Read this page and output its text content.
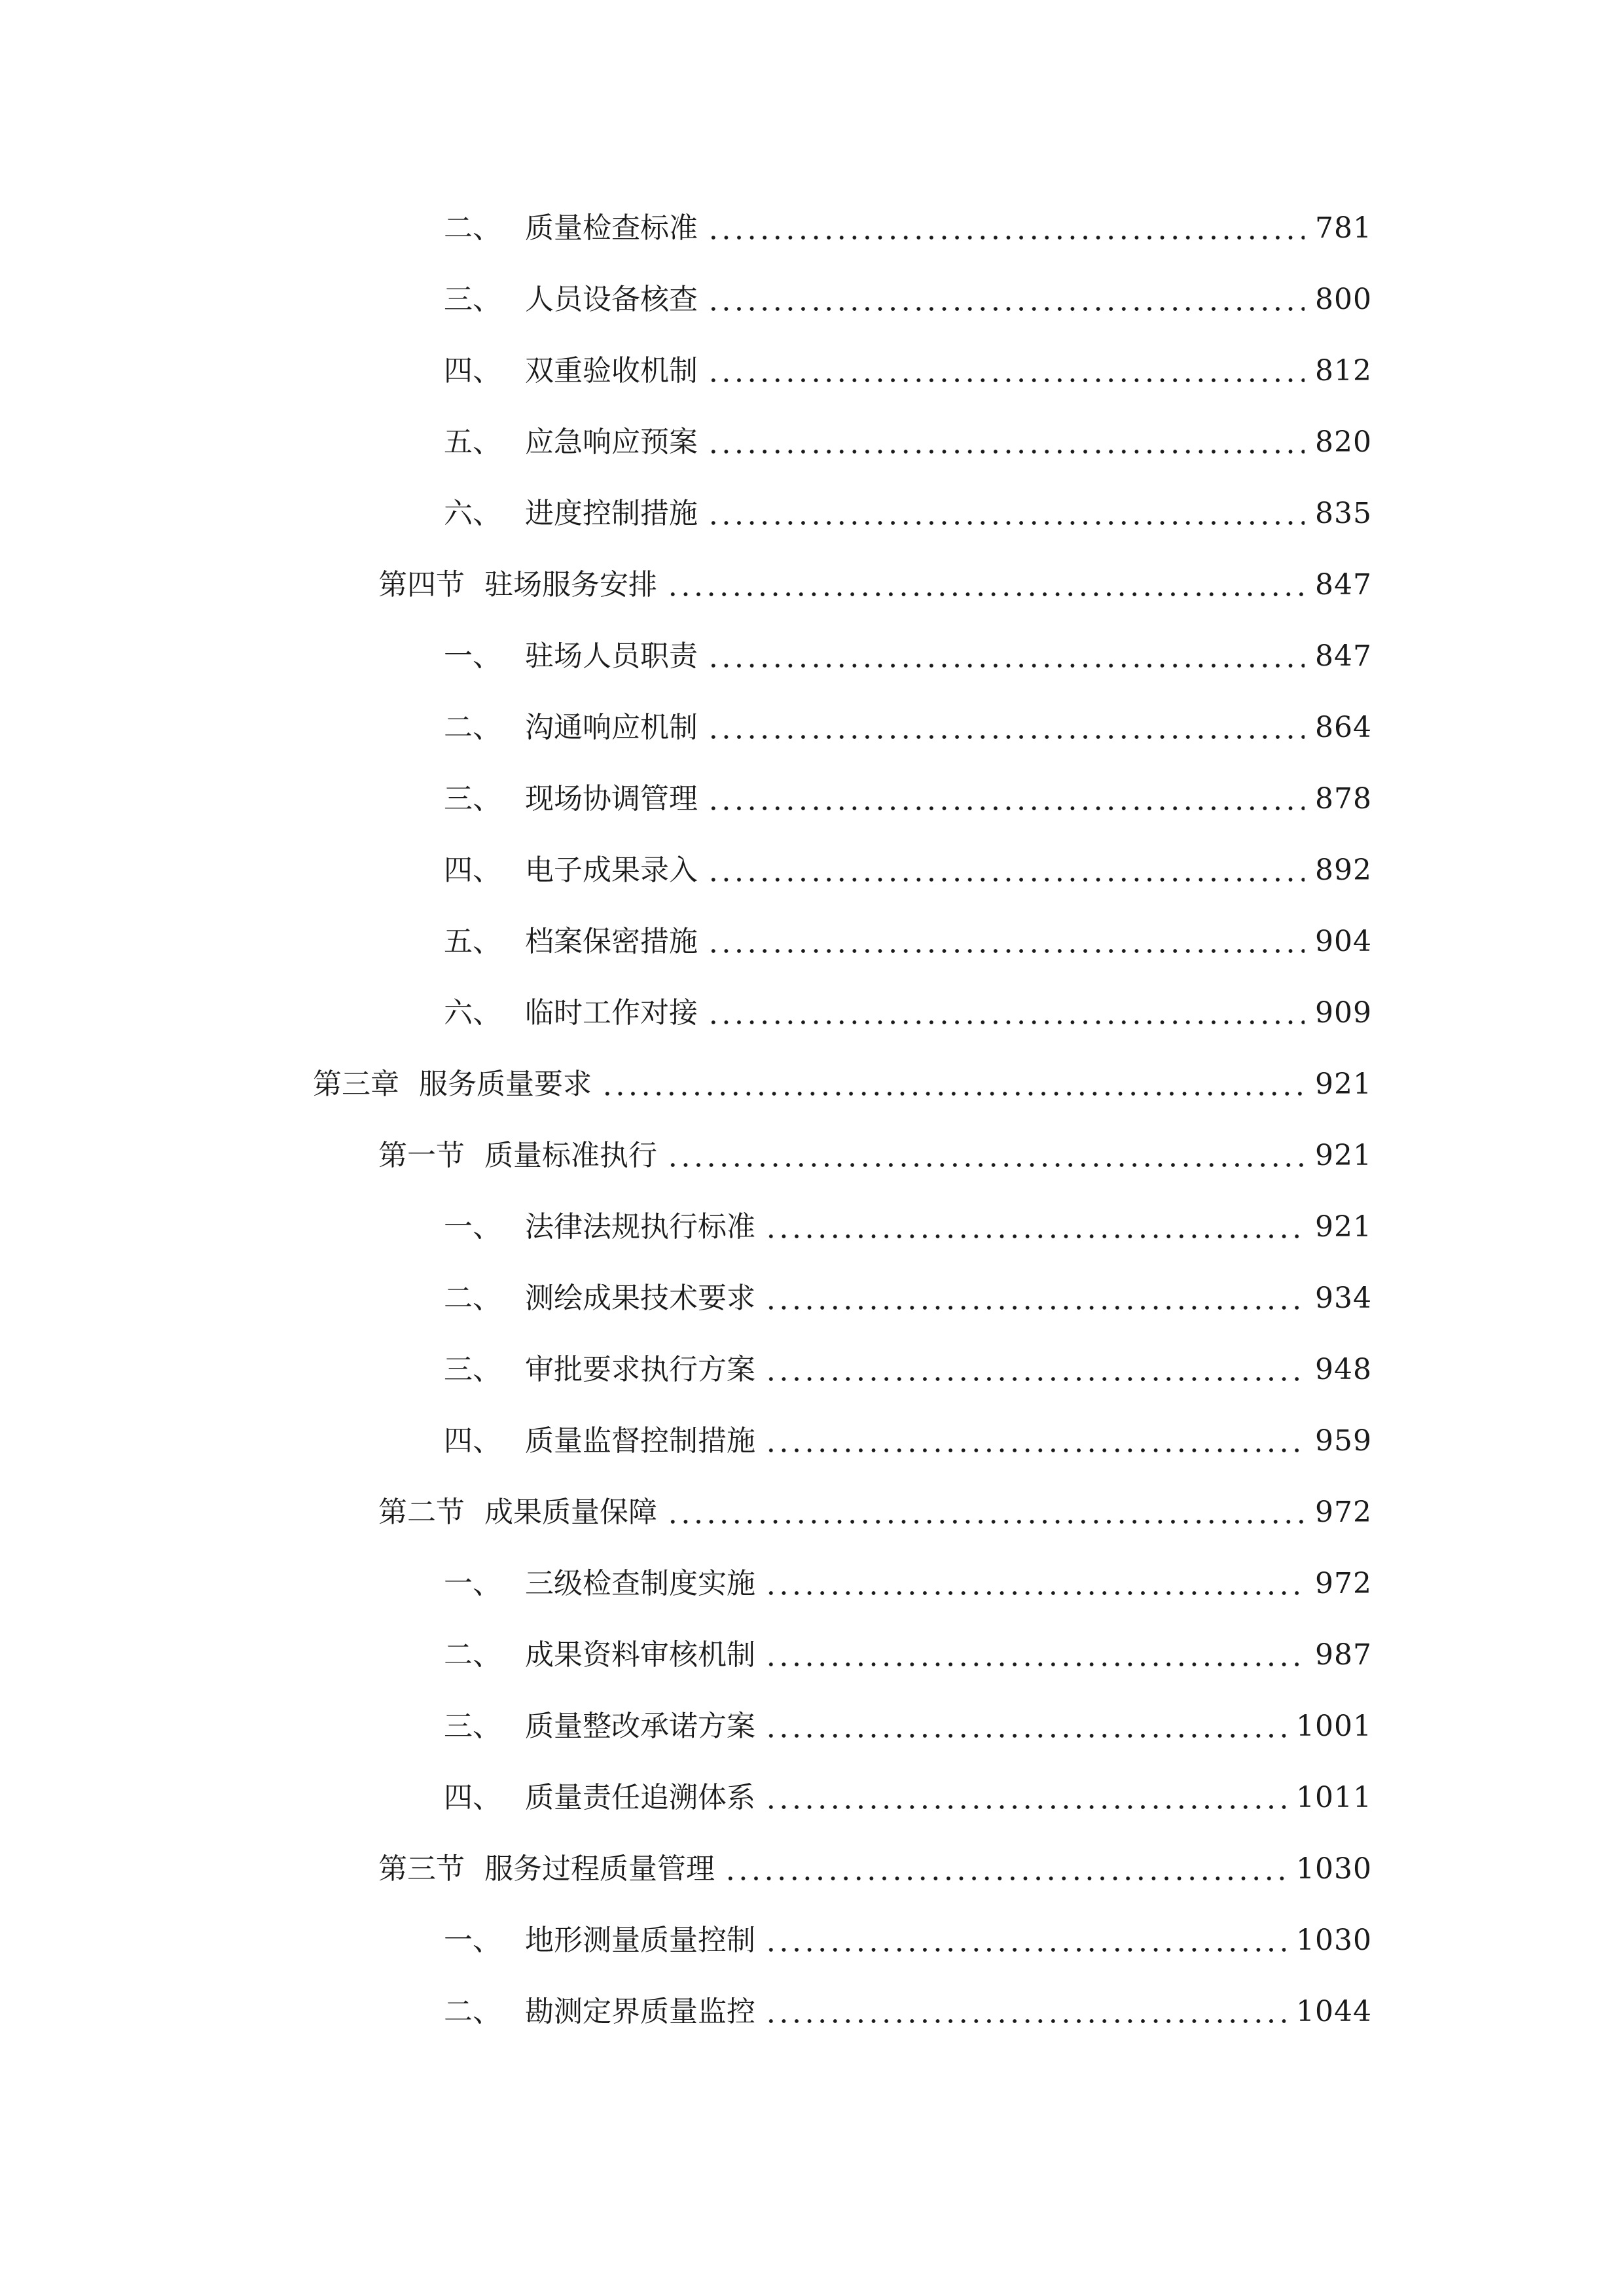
二、 质量检查标准	781
三、 人员设备核查	800
四、 双重验收机制	812
五、 应急响应预案	820
六、 进度控制措施	835
第四节 驻场服务安排	847
一、 驻场人员职责	847
二、 沟通响应机制	864
三、 现场协调管理	878
四、 电子成果录入	892
五、 档案保密措施	904
六、 临时工作对接	909
第三章 服务质量要求	921
第一节 质量标准执行	921
一、 法律法规执行标准	921
二、 测绘成果技术要求	934
三、 审批要求执行方案	948
四、 质量监督控制措施	959
第二节 成果质量保障	972
一、 三级检查制度实施	972
二、 成果资料审核机制	987
三、 质量整改承诺方案	1001
四、 质量责任追溯体系	1011
第三节 服务过程质量管理	1030
一、 地形测量质量控制	1030
二、 勘测定界质量监控	1044
